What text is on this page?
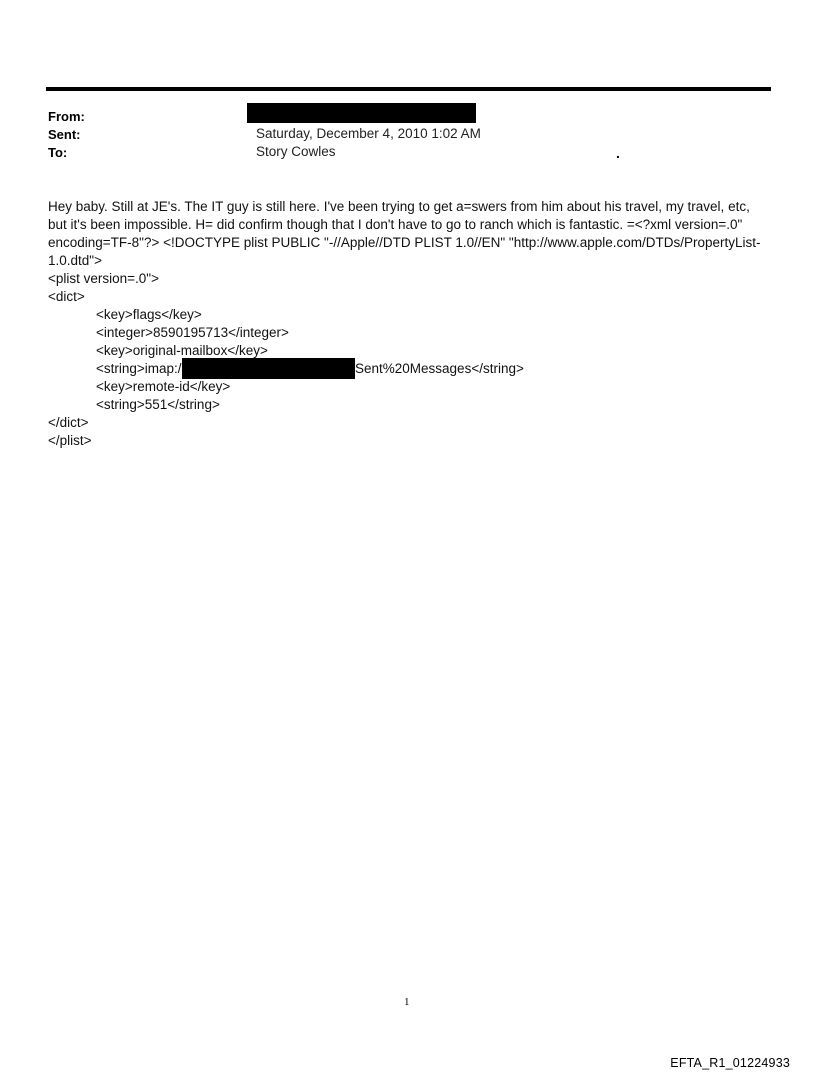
From:
Sent:	Saturday, December 4, 2010 1:02 AM
To:	Story Cowles	.
Hey baby. Still at JE's. The IT guy is still here. I've been trying to get a=swers from him about his travel, my travel, etc, but it's been impossible. H= did confirm though that I don't have to go to ranch which is fantastic. =<?xml version=.0" encoding=TF-8"?> <!DOCTYPE plist PUBLIC "-//Apple//DTD PLIST 1.0//EN" "http://www.apple.com/DTDs/PropertyList-1.0.dtd">
<plist version=.0">
<dict>
<key>flags</key>
<integer>8590195713</integer>
<key>original-mailbox</key>
<string>imap:/	Sent%20Messages</string>
<key>remote-id</key>
<string>551</string>
</dict>
</plist>
1
EFTA_R1_01224933
